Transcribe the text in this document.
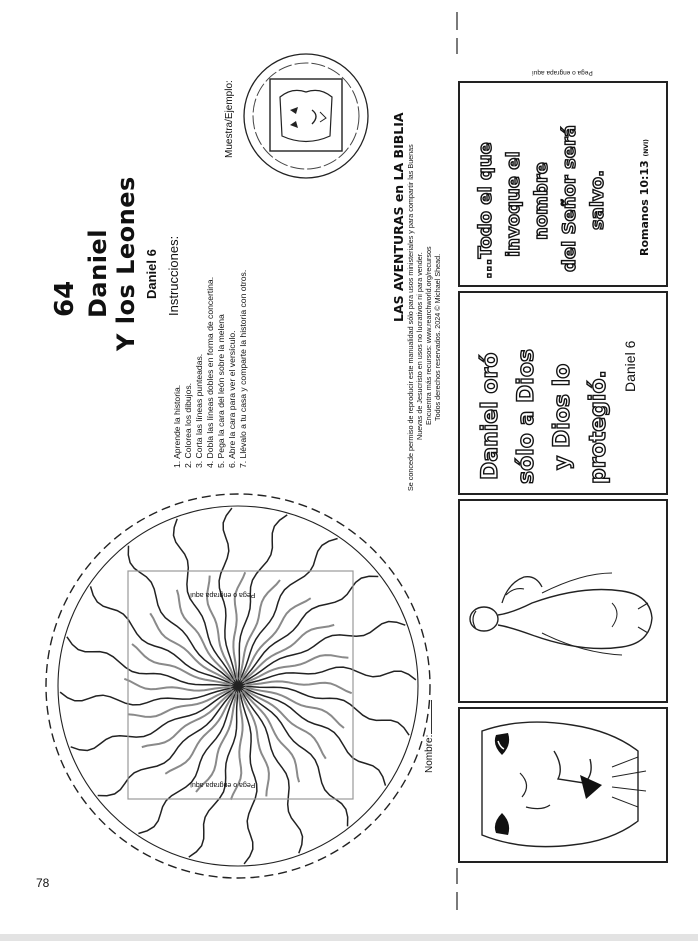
78
Pega o engrapa aquí
Pega o engrapa aquí
Nombre:
64 Daniel Y los Leones Daniel 6 Instrucciones:
1. Aprende la historia. 2. Colorea los dibujos. 3. Corta las líneas punteadas. 4. Dobla las líneas dobles en forma de concertina. 5. Pega la cara del león sobre la melena 6. Abre la cara para ver el versículo. 7. Llévalo a tu casa y comparte la historia con otros.
Muestra/Ejemplo:	LAS AVENTURAS en LA BIBLIA Se concede permiso de reproducir este manualidad sólo para usos ministeriales y para compartir las Buenas Nuevas de Jesucristo en usos no lucrativos ni para vender. Encuentra más recursos: www.rearchworld.org/recursos Todos derechos reservados. 2024 © Michael Shead.
...Todo el que invoque el nombre del Señor será salvo.	Romanos 10:13 (NVI)
Pega o engrapa aquí
Daniel oró sólo a Dios y Dios lo protegió.
Daniel 6
